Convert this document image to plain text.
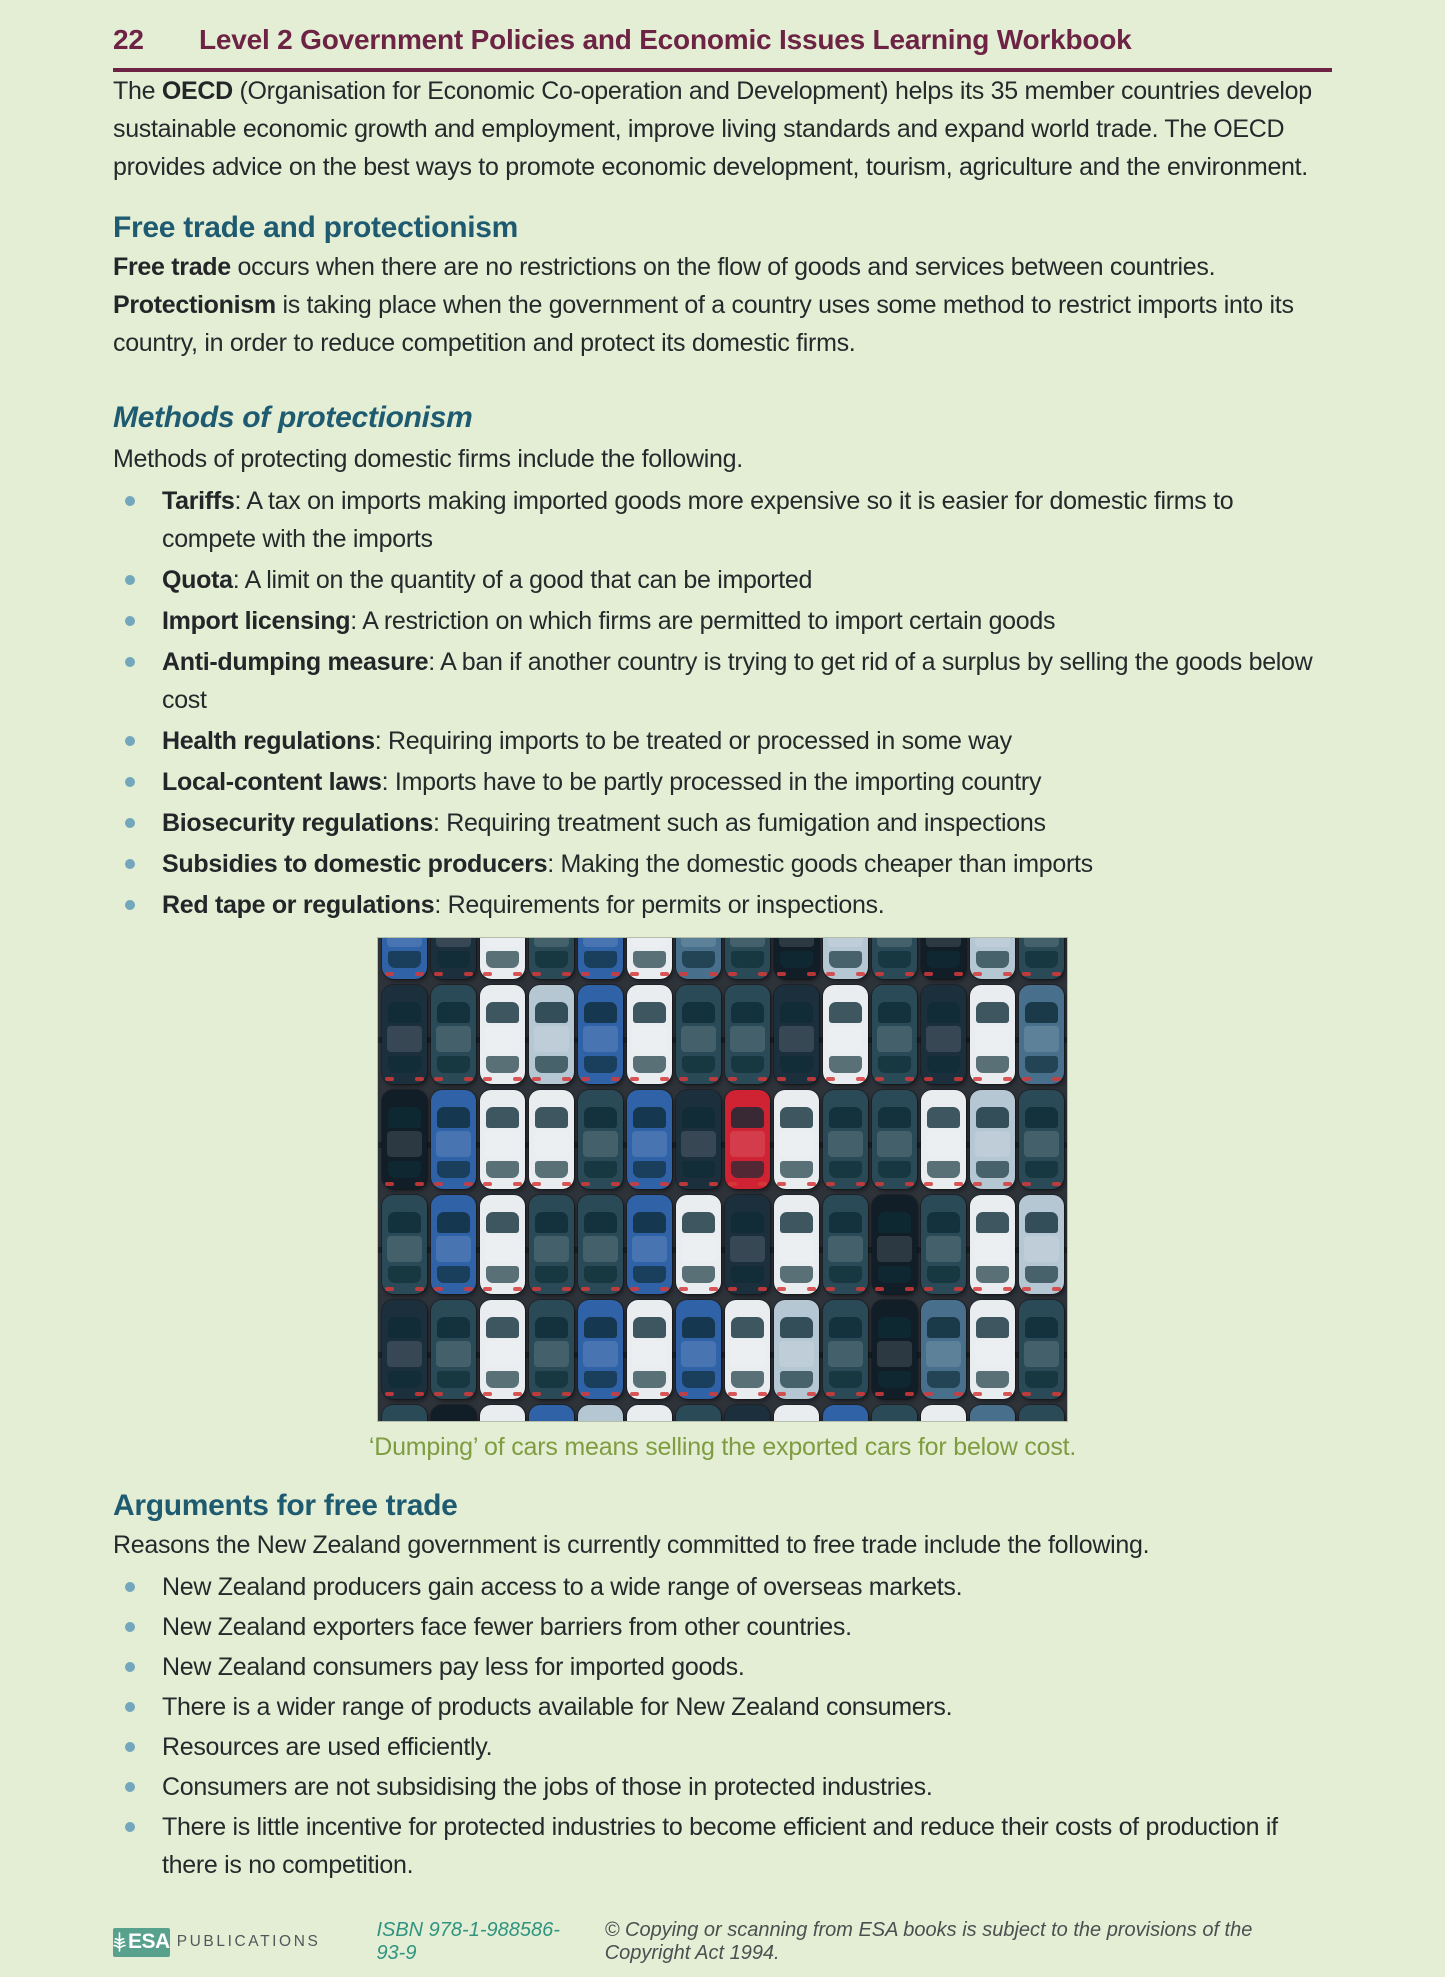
22	Level 2 Government Policies and Economic Issues Learning Workbook

The OECD (Organisation for Economic Co-operation and Development) helps its 35 member countries develop sustainable economic growth and employment, improve living standards and expand world trade. The OECD provides advice on the best ways to promote economic development, tourism, agriculture and the environment.

Free trade and protectionism

Free trade occurs when there are no restrictions on the flow of goods and services between countries.
Protectionism is taking place when the government of a country uses some method to restrict imports into its country, in order to reduce competition and protect its domestic firms.

Methods of protectionism

Methods of protecting domestic firms include the following.

Tariffs: A tax on imports making imported goods more expensive so it is easier for domestic firms to compete with the imports
Quota: A limit on the quantity of a good that can be imported
Import licensing: A restriction on which firms are permitted to import certain goods
Anti-dumping measure: A ban if another country is trying to get rid of a surplus by selling the goods below cost
Health regulations: Requiring imports to be treated or processed in some way
Local-content laws: Imports have to be partly processed in the importing country
Biosecurity regulations: Requiring treatment such as fumigation and inspections
Subsidies to domestic producers: Making the domestic goods cheaper than imports
Red tape or regulations: Requirements for permits or inspections.
‘Dumping’ of cars means selling the exported cars for below cost.
Arguments for free trade

Reasons the New Zealand government is currently committed to free trade include the following.

New Zealand producers gain access to a wide range of overseas markets.
New Zealand exporters face fewer barriers from other countries.
New Zealand consumers pay less for imported goods.
There is a wider range of products available for New Zealand consumers.
Resources are used efficiently.
Consumers are not subsidising the jobs of those in protected industries.
There is little incentive for protected industries to become efficient and reduce their costs of production if there is no competition.
ESA PUBLICATIONS
ISBN 978-1-988586-93-9
© Copying or scanning from ESA books is subject to the provisions of the Copyright Act 1994.
